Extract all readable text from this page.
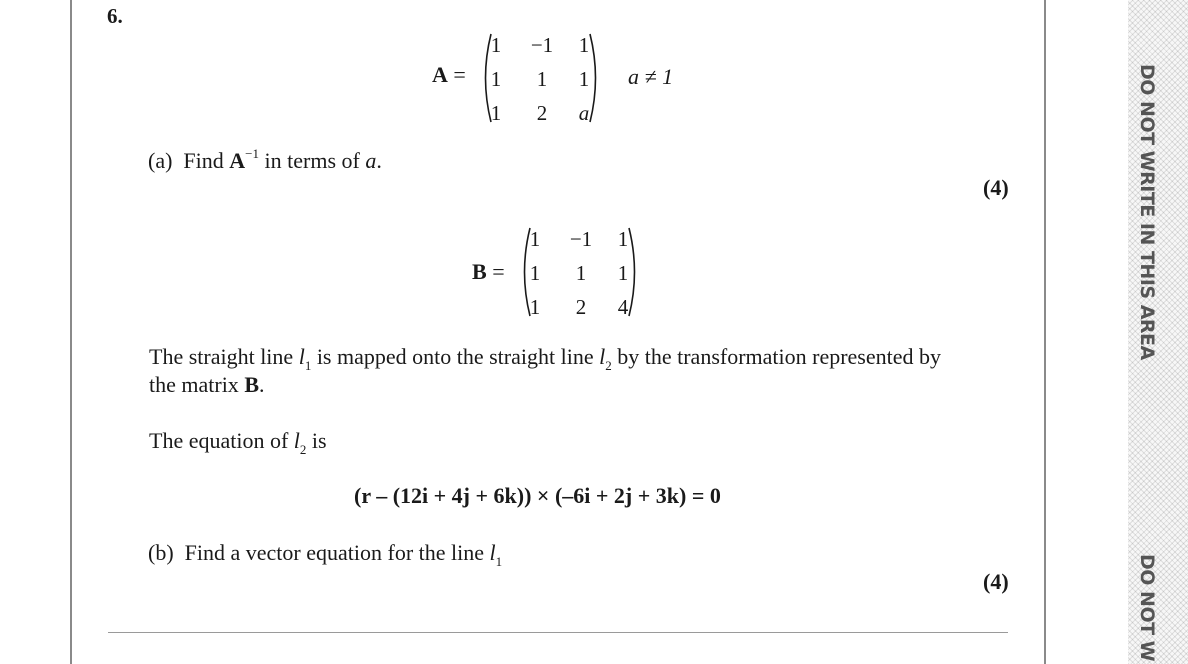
DO NOT WRITE IN THIS AREA
DO NOT W
6.
A =
1	−1	1
1	1	1
1	2	a
a ≠ 1
(a) Find $A^{-1}$ in terms of a.
(4)
B =
1	−1	1
1	1	1
1	2	4
The straight line $l_1$ is mapped onto the straight line $l_2$ by the transformation represented by
the matrix B.
The equation of $l_2$ is
(r – (12i + 4j + 6k)) × (–6i + 2j + 3k) = 0
(b) Find a vector equation for the line $l_1$
(4)
